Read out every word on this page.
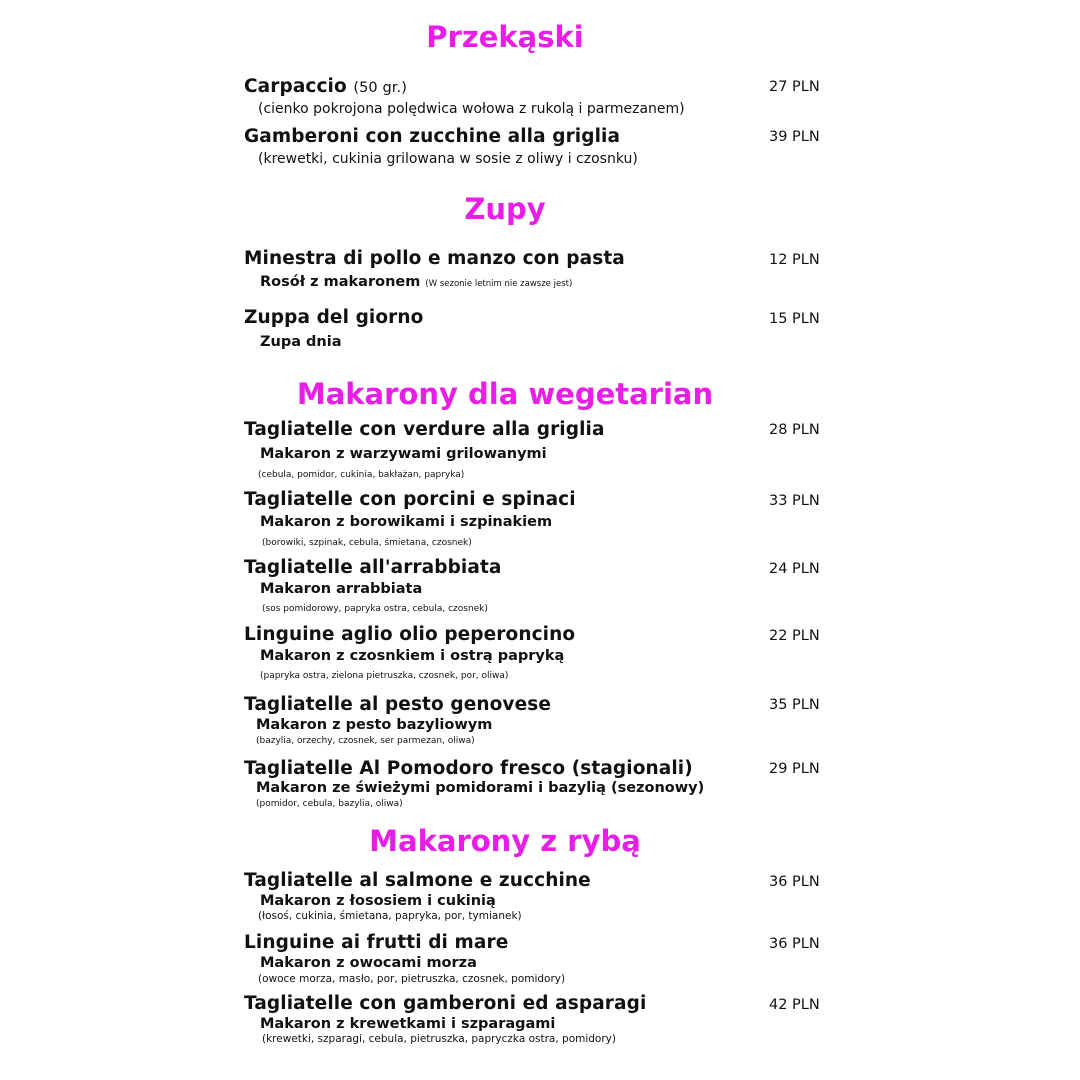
Przekąski
Carpaccio (50 gr.)	27 PLN
(cienko pokrojona polędwica wołowa z rukolą i parmezanem)
Gamberoni con zucchine alla griglia	39 PLN
(krewetki, cukinia grilowana w sosie z oliwy i czosnku)
Zupy
Minestra di pollo e manzo con pasta	12 PLN
Rosół z makaronem (W sezonie letnim nie zawsze jest)
Zuppa del giorno	15 PLN
Zupa dnia
Makarony dla wegetarian
Tagliatelle con verdure alla griglia	28 PLN
Makaron z warzywami grilowanymi
(cebula, pomidor, cukinia, bakłażan, papryka)
Tagliatelle con porcini e spinaci	33 PLN
Makaron z borowikami i szpinakiem
(borowiki, szpinak, cebula, śmietana, czosnek)
Tagliatelle all'arrabbiata	24 PLN
Makaron arrabbiata
(sos pomidorowy, papryka ostra, cebula, czosnek)
Linguine aglio olio peperoncino	22 PLN
Makaron z czosnkiem i ostrą papryką
(papryka ostra, zielona pietruszka, czosnek, por, oliwa)
Tagliatelle al pesto genovese	35 PLN
Makaron z pesto bazyliowym
(bazylia, orzechy, czosnek, ser parmezan, oliwa)
Tagliatelle Al Pomodoro fresco (stagionali)	29 PLN
Makaron ze świeżymi pomidorami i bazylią (sezonowy)
(pomidor, cebula, bazylia, oliwa)
Makarony z rybą
Tagliatelle al salmone e zucchine	36 PLN
Makaron z łososiem i cukinią
(łosoś, cukinia, śmietana, papryka, por, tymianek)
Linguine ai frutti di mare	36 PLN
Makaron z owocami morza
(owoce morza, masło, por, pietruszka, czosnek, pomidory)
Tagliatelle con gamberoni ed asparagi	42 PLN
Makaron z krewetkami i szparagami
(krewetki, szparagi, cebula, pietruszka, papryczka ostra, pomidory)
